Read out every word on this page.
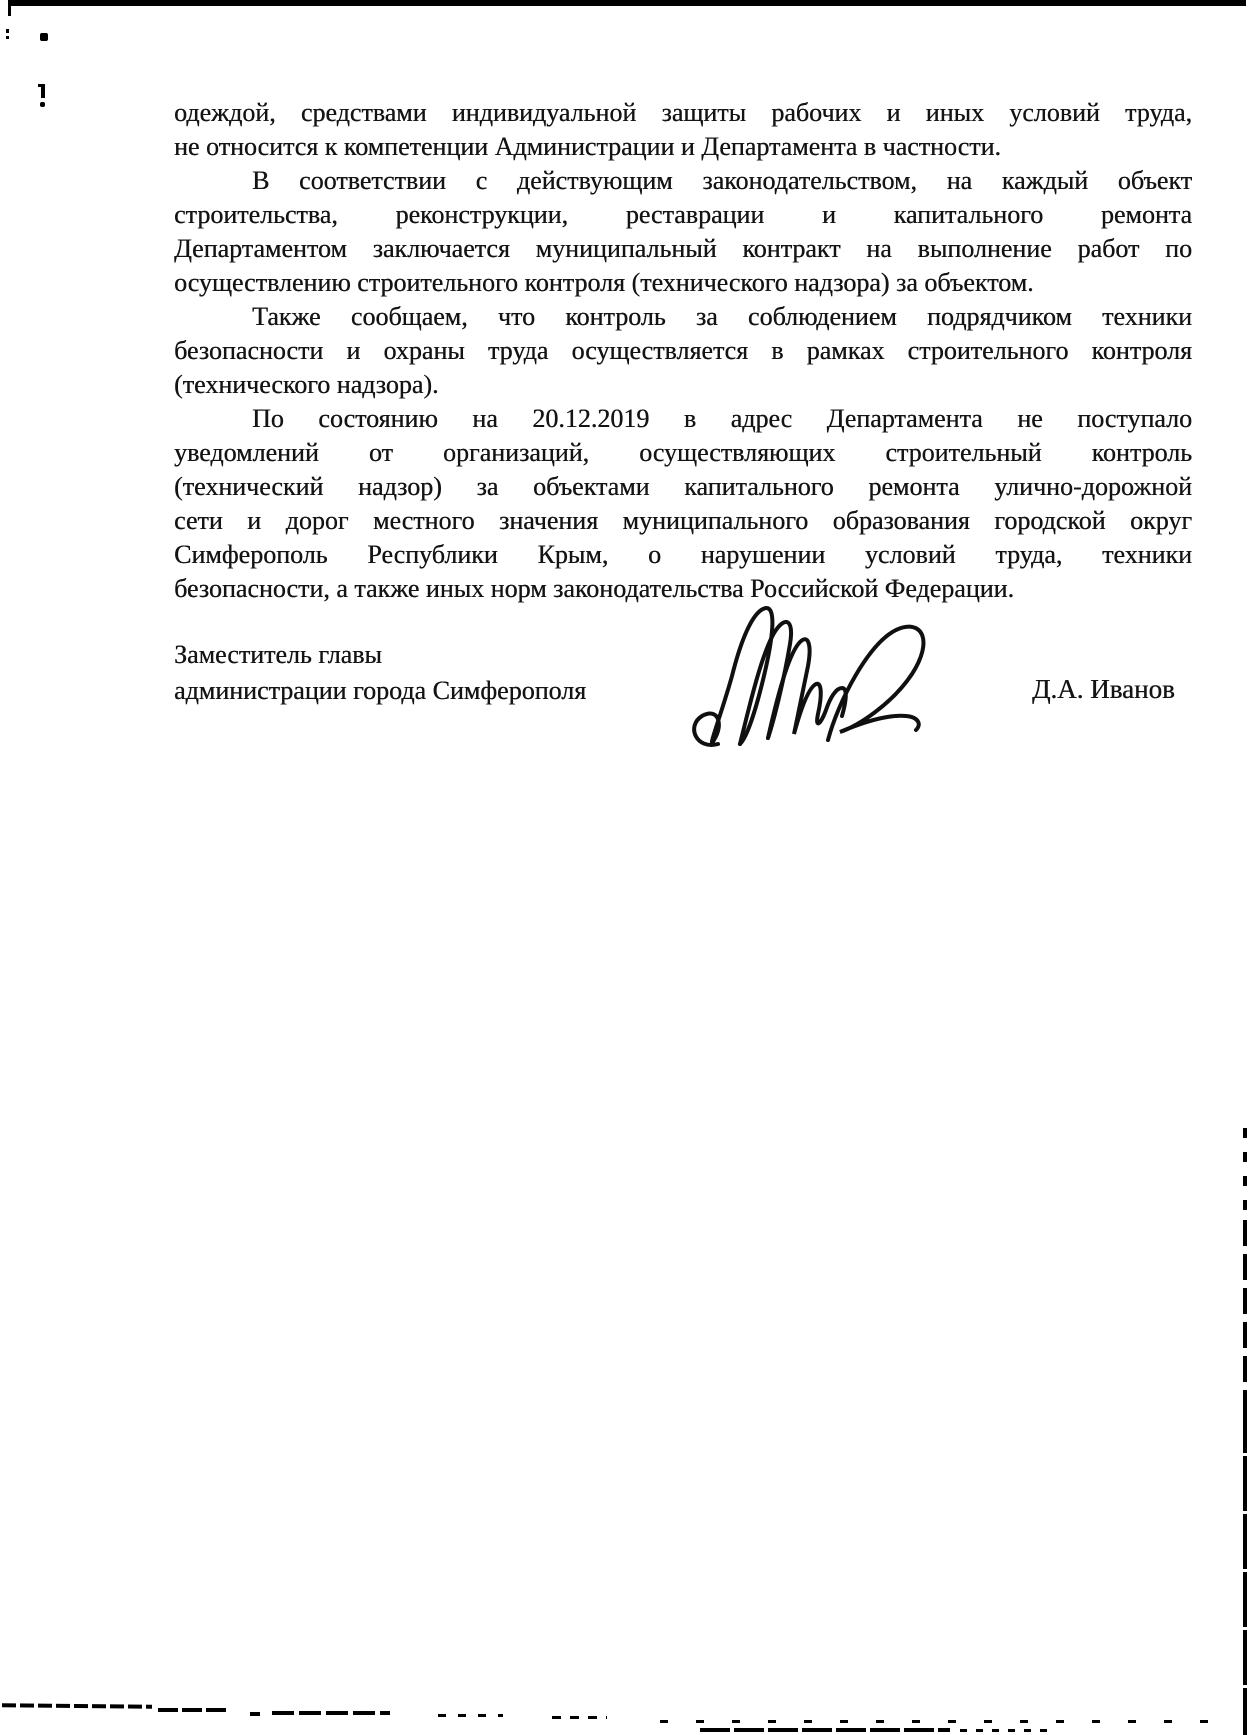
одеждой, средствами индивидуальной защиты рабочих и иных условий труда,
не относится к компетенции Администрации и Департамента в частности.
В соответствии с действующим законодательством, на каждый объект
строительства, реконструкции, реставрации и капитального ремонта
Департаментом заключается муниципальный контракт на выполнение работ по
осуществлению строительного контроля (технического надзора) за объектом.
Также сообщаем, что контроль за соблюдением подрядчиком техники
безопасности и охраны труда осуществляется в рамках строительного контроля
(технического надзора).
По состоянию на 20.12.2019 в адрес Департамента не поступало
уведомлений от организаций, осуществляющих строительный контроль
(технический надзор) за объектами капитального ремонта улично-дорожной
сети и дорог местного значения муниципального образования городской округ
Симферополь Республики Крым, о нарушении условий труда, техники
безопасности, а также иных норм законодательства Российской Федерации.
Заместитель главы
администрации города Симферополя	Д.А. Иванов
